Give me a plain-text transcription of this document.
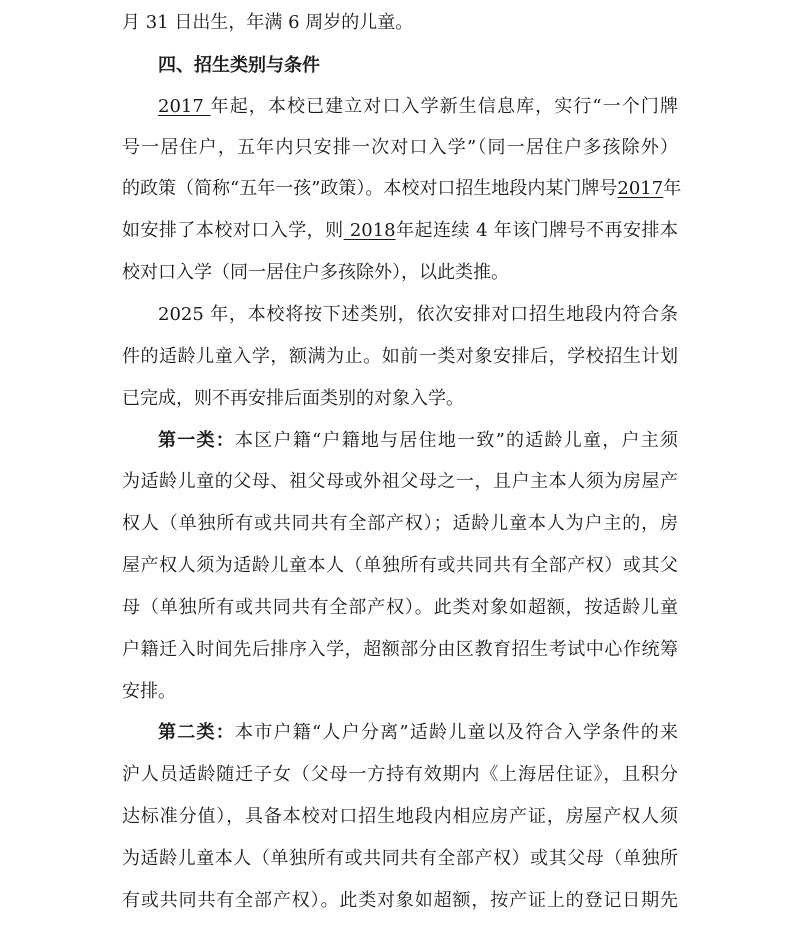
月 31 日出生，年满 6 周岁的儿童。
四、招生类别与条件
2017 年起，本校已建立对口入学新生信息库，实行“一个门牌
号一居住户，五年内只安排一次对口入学”（同一居住户多孩除外）
的政策（简称“五年一孩”政策）。本校对口招生地段内某门牌号2017年
如安排了本校对口入学，则 2018年起连续 4 年该门牌号不再安排本
校对口入学（同一居住户多孩除外），以此类推。
2025 年，本校将按下述类别，依次安排对口招生地段内符合条
件的适龄儿童入学，额满为止。如前一类对象安排后，学校招生计划
已完成，则不再安排后面类别的对象入学。
第一类：本区户籍“户籍地与居住地一致”的适龄儿童，户主须
为适龄儿童的父母、祖父母或外祖父母之一，且户主本人须为房屋产
权人（单独所有或共同共有全部产权）；适龄儿童本人为户主的，房
屋产权人须为适龄儿童本人（单独所有或共同共有全部产权）或其父
母（单独所有或共同共有全部产权）。此类对象如超额，按适龄儿童
户籍迁入时间先后排序入学，超额部分由区教育招生考试中心作统筹
安排。
第二类：本市户籍“人户分离”适龄儿童以及符合入学条件的来
沪人员适龄随迁子女（父母一方持有效期内《上海居住证》，且积分
达标准分值），具备本校对口招生地段内相应房产证，房屋产权人须
为适龄儿童本人（单独所有或共同共有全部产权）或其父母（单独所
有或共同共有全部产权）。此类对象如超额，按产证上的登记日期先
